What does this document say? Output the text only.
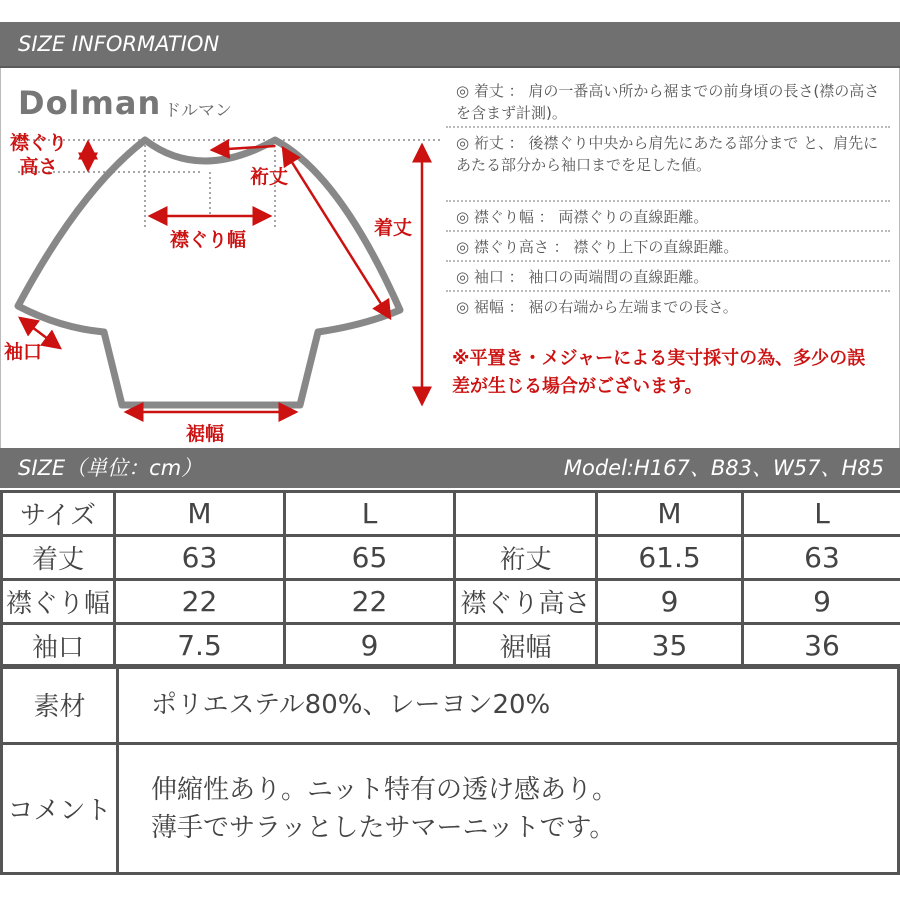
SIZE INFORMATION
Dolman ドルマン
襟ぐり
高さ	裄丈
着丈
襟ぐり幅
袖口
裾幅
◎ 着丈 ： 肩の一番高い所から裾までの前身頃の長さ(襟の高さを含まず計測)。
◎ 裄丈 ： 後襟ぐり中央から肩先にあたる部分まで と、肩先にあたる部分から袖口までを足した値。
◎ 襟ぐり幅 ： 両襟ぐりの直線距離。
◎ 襟ぐり高さ ： 襟ぐり上下の直線距離。
◎ 袖口 ： 袖口の両端間の直線距離。
◎ 裾幅 ： 裾の右端から左端までの長さ。
※平置き・メジャーによる実寸採寸の為、多少の誤差が生じる場合がございます。
SIZE（単位：cm）	Model:H167、B83、W57、H85
サイズ	M	L		M	L
着丈	63	65	裄丈	61.5	63
襟ぐり幅	22	22	襟ぐり高さ	9	9
袖口	7.5	9	裾幅	35	36
素材	ポリエステル80%、レーヨン20%
コメント	伸縮性あり。ニット特有の透け感あり。
薄手でサラッとしたサマーニットです。
